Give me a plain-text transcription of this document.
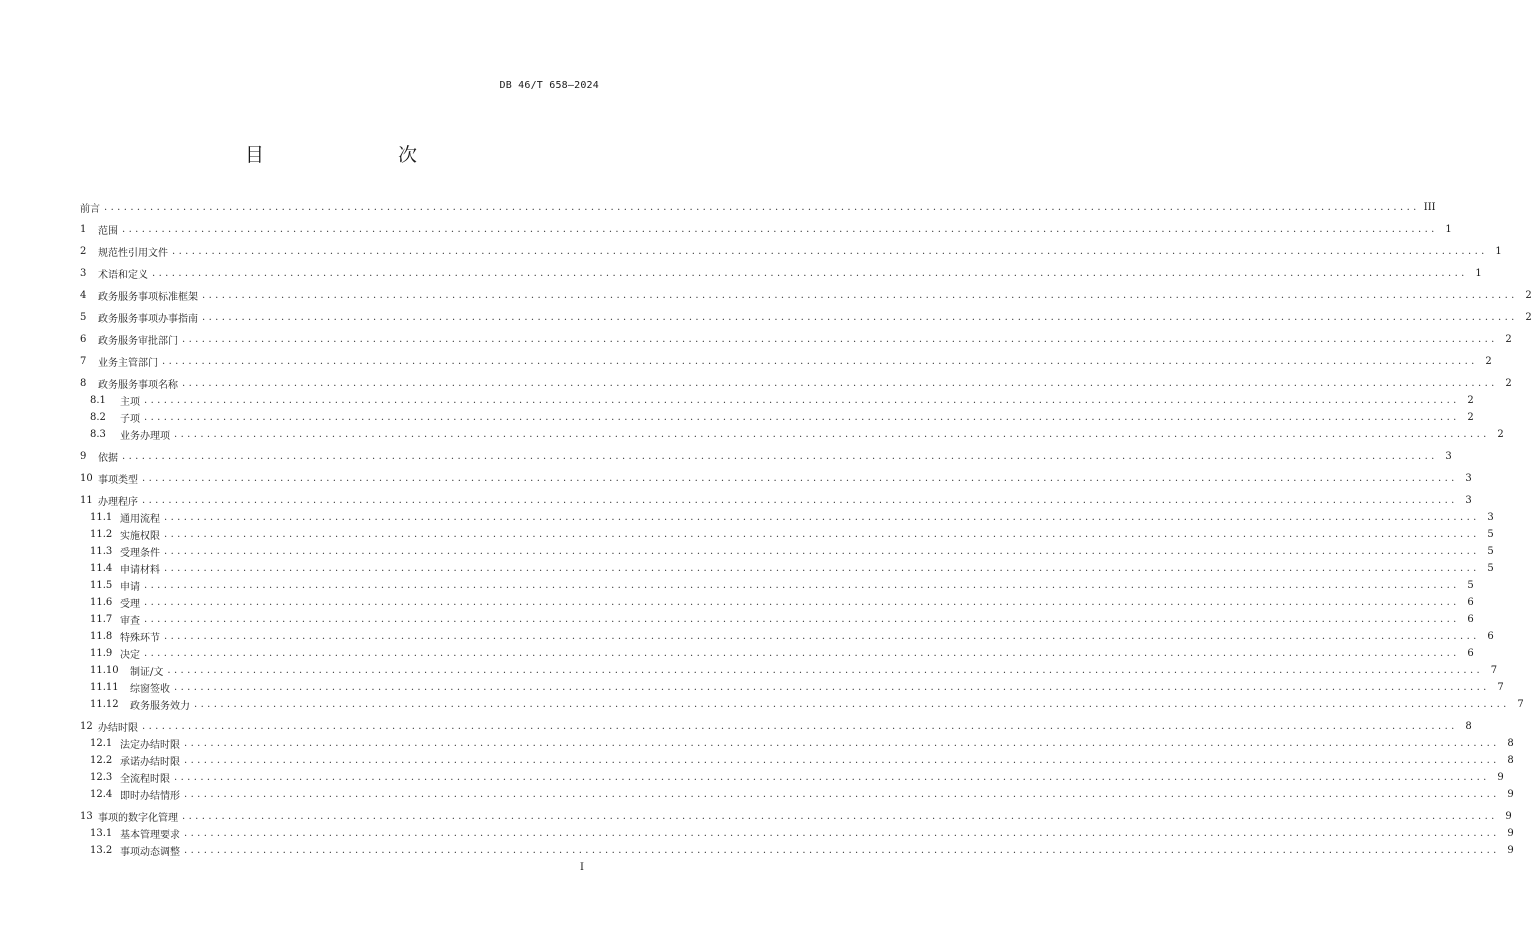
DB 46/T 658—2024
目　　次
前言 ........................................................................................................................................................................................................ III
1	范围 ........................................................................................................................................................................................................ 1
2	规范性引用文件 ........................................................................................................................................................................................................ 1
3	术语和定义 ........................................................................................................................................................................................................ 1
4	政务服务事项标准框架 ........................................................................................................................................................................................................ 2
5	政务服务事项办事指南 ........................................................................................................................................................................................................ 2
6	政务服务审批部门 ........................................................................................................................................................................................................ 2
7	业务主管部门 ........................................................................................................................................................................................................ 2
8	政务服务事项名称 ........................................................................................................................................................................................................ 2
8.1	主项 ........................................................................................................................................................................................................ 2
8.2	子项 ........................................................................................................................................................................................................ 2
8.3	业务办理项 ........................................................................................................................................................................................................ 2
9	依据 ........................................................................................................................................................................................................ 3
10 事项类型 ........................................................................................................................................................................................................ 3
11 办理程序 ........................................................................................................................................................................................................ 3
11.1 通用流程 ........................................................................................................................................................................................................ 3
11.2 实施权限 ........................................................................................................................................................................................................ 5
11.3 受理条件 ........................................................................................................................................................................................................ 5
11.4 申请材料 ........................................................................................................................................................................................................ 5
11.5 申请 ........................................................................................................................................................................................................ 5
11.6 受理 ........................................................................................................................................................................................................ 6
11.7 审查 ........................................................................................................................................................................................................ 6
11.8 特殊环节 ........................................................................................................................................................................................................ 6
11.9 决定 ........................................................................................................................................................................................................ 6
11.10	制证/文 ........................................................................................................................................................................................................ 7
11.11	综窗签收 ........................................................................................................................................................................................................ 7
11.12	政务服务效力 ........................................................................................................................................................................................................ 7
12 办结时限 ........................................................................................................................................................................................................ 8
12.1 法定办结时限 ........................................................................................................................................................................................................ 8
12.2 承诺办结时限 ........................................................................................................................................................................................................ 8
12.3 全流程时限 ........................................................................................................................................................................................................ 9
12.4 即时办结情形 ........................................................................................................................................................................................................ 9
13 事项的数字化管理 ........................................................................................................................................................................................................ 9
13.1 基本管理要求 ........................................................................................................................................................................................................ 9
13.2 事项动态调整 ........................................................................................................................................................................................................ 9
I
